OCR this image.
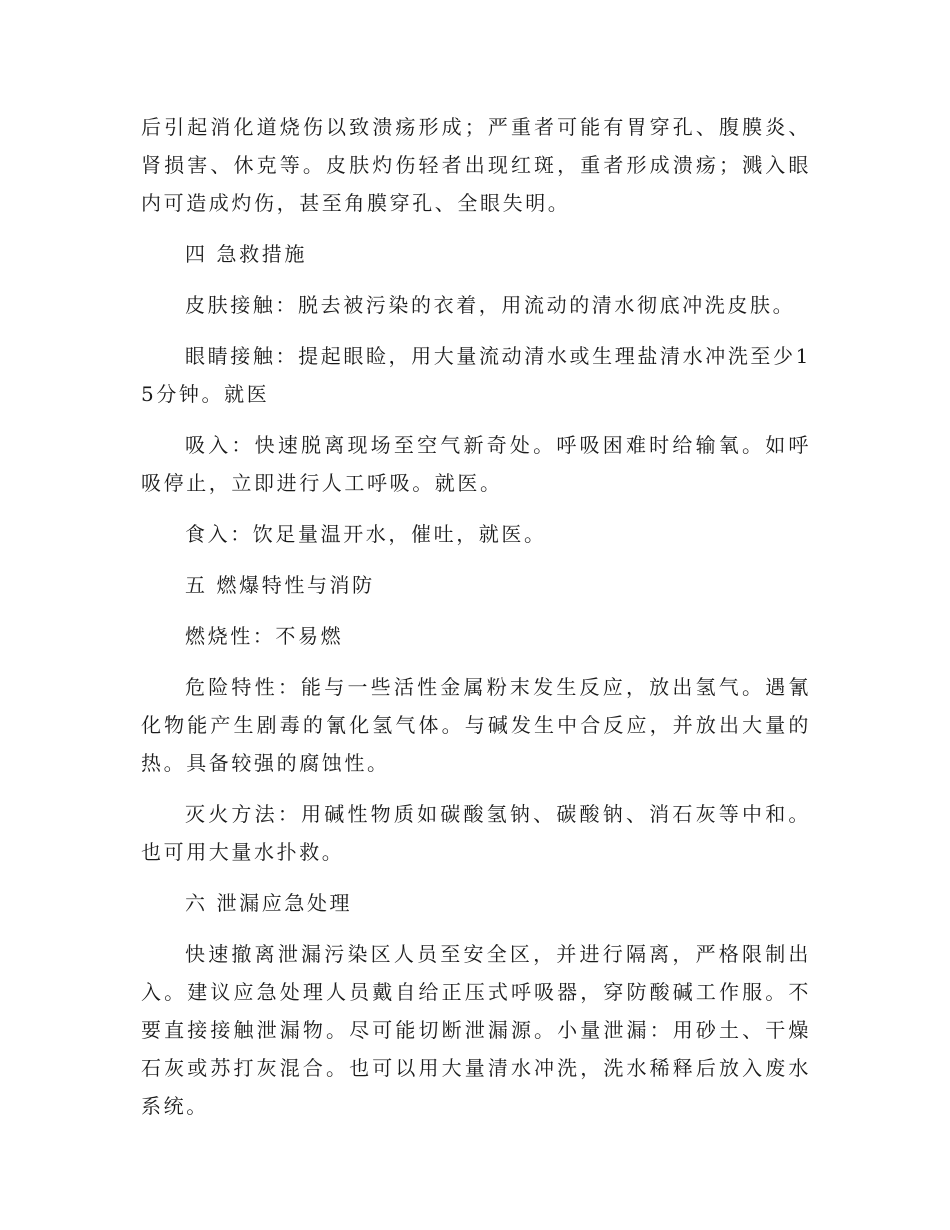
后引起消化道烧伤以致溃疡形成；严重者可能有胃穿孔、腹膜炎、肾损害、休克等。皮肤灼伤轻者出现红斑，重者形成溃疡；溅入眼内可造成灼伤，甚至角膜穿孔、全眼失明。

四 急救措施

皮肤接触：脱去被污染的衣着，用流动的清水彻底冲洗皮肤。

眼睛接触：提起眼睑，用大量流动清水或生理盐清水冲洗至少15分钟。就医

吸入：快速脱离现场至空气新奇处。呼吸困难时给输氧。如呼吸停止，立即进行人工呼吸。就医。

食入：饮足量温开水，催吐，就医。

五 燃爆特性与消防

燃烧性：不易燃

危险特性：能与一些活性金属粉末发生反应，放出氢气。遇氰化物能产生剧毒的氰化氢气体。与碱发生中合反应，并放出大量的热。具备较强的腐蚀性。

灭火方法：用碱性物质如碳酸氢钠、碳酸钠、消石灰等中和。也可用大量水扑救。

六 泄漏应急处理

快速撤离泄漏污染区人员至安全区，并进行隔离，严格限制出入。建议应急处理人员戴自给正压式呼吸器，穿防酸碱工作服。不要直接接触泄漏物。尽可能切断泄漏源。小量泄漏：用砂土、干燥石灰或苏打灰混合。也可以用大量清水冲洗，洗水稀释后放入废水系统。
